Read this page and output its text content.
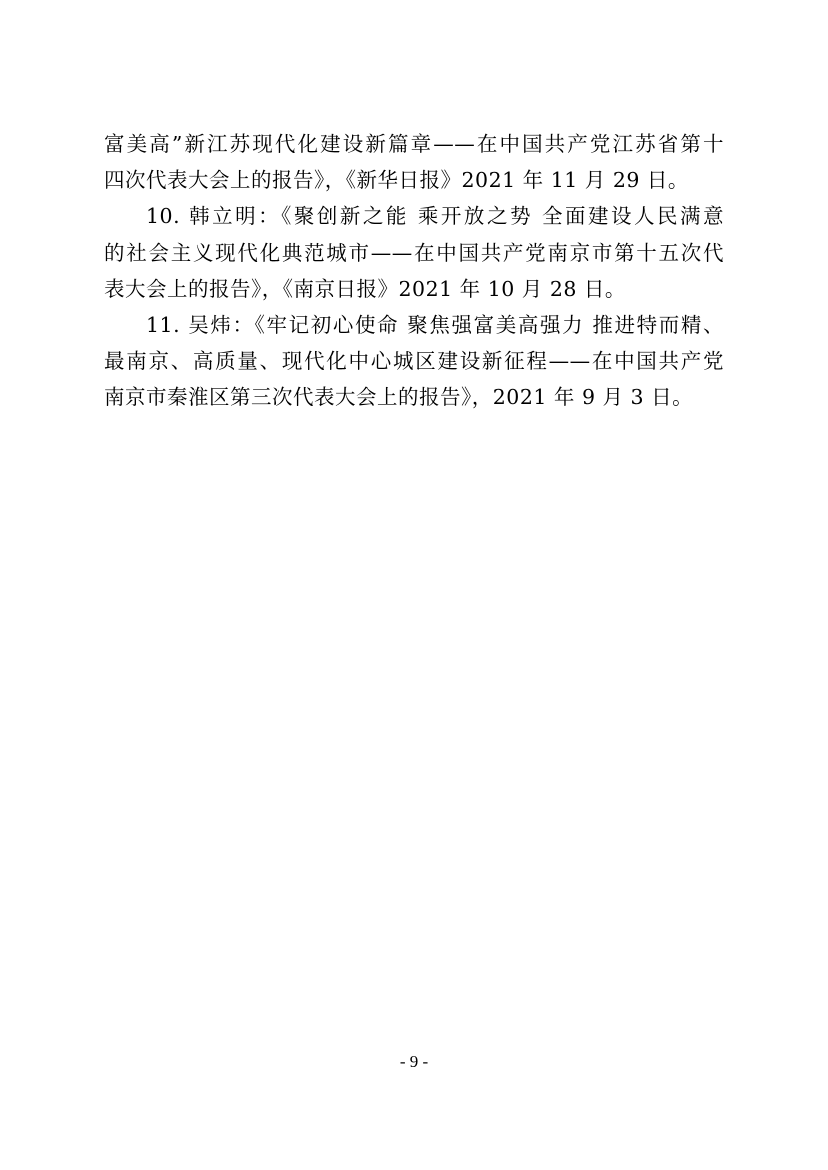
富美高”新江苏现代化建设新篇章——在中国共产党江苏省第十
四次代表大会上的报告》，《新华日报》2021 年 11 月 29 日。
10. 韩立明：《聚创新之能 乘开放之势 全面建设人民满意
的社会主义现代化典范城市——在中国共产党南京市第十五次代
表大会上的报告》，《南京日报》2021 年 10 月 28 日。
11. 吴炜：《牢记初心使命 聚焦强富美高强力 推进特而精、
最南京、高质量、现代化中心城区建设新征程——在中国共产党
南京市秦淮区第三次代表大会上的报告》，2021 年 9 月 3 日。
- 9 -
